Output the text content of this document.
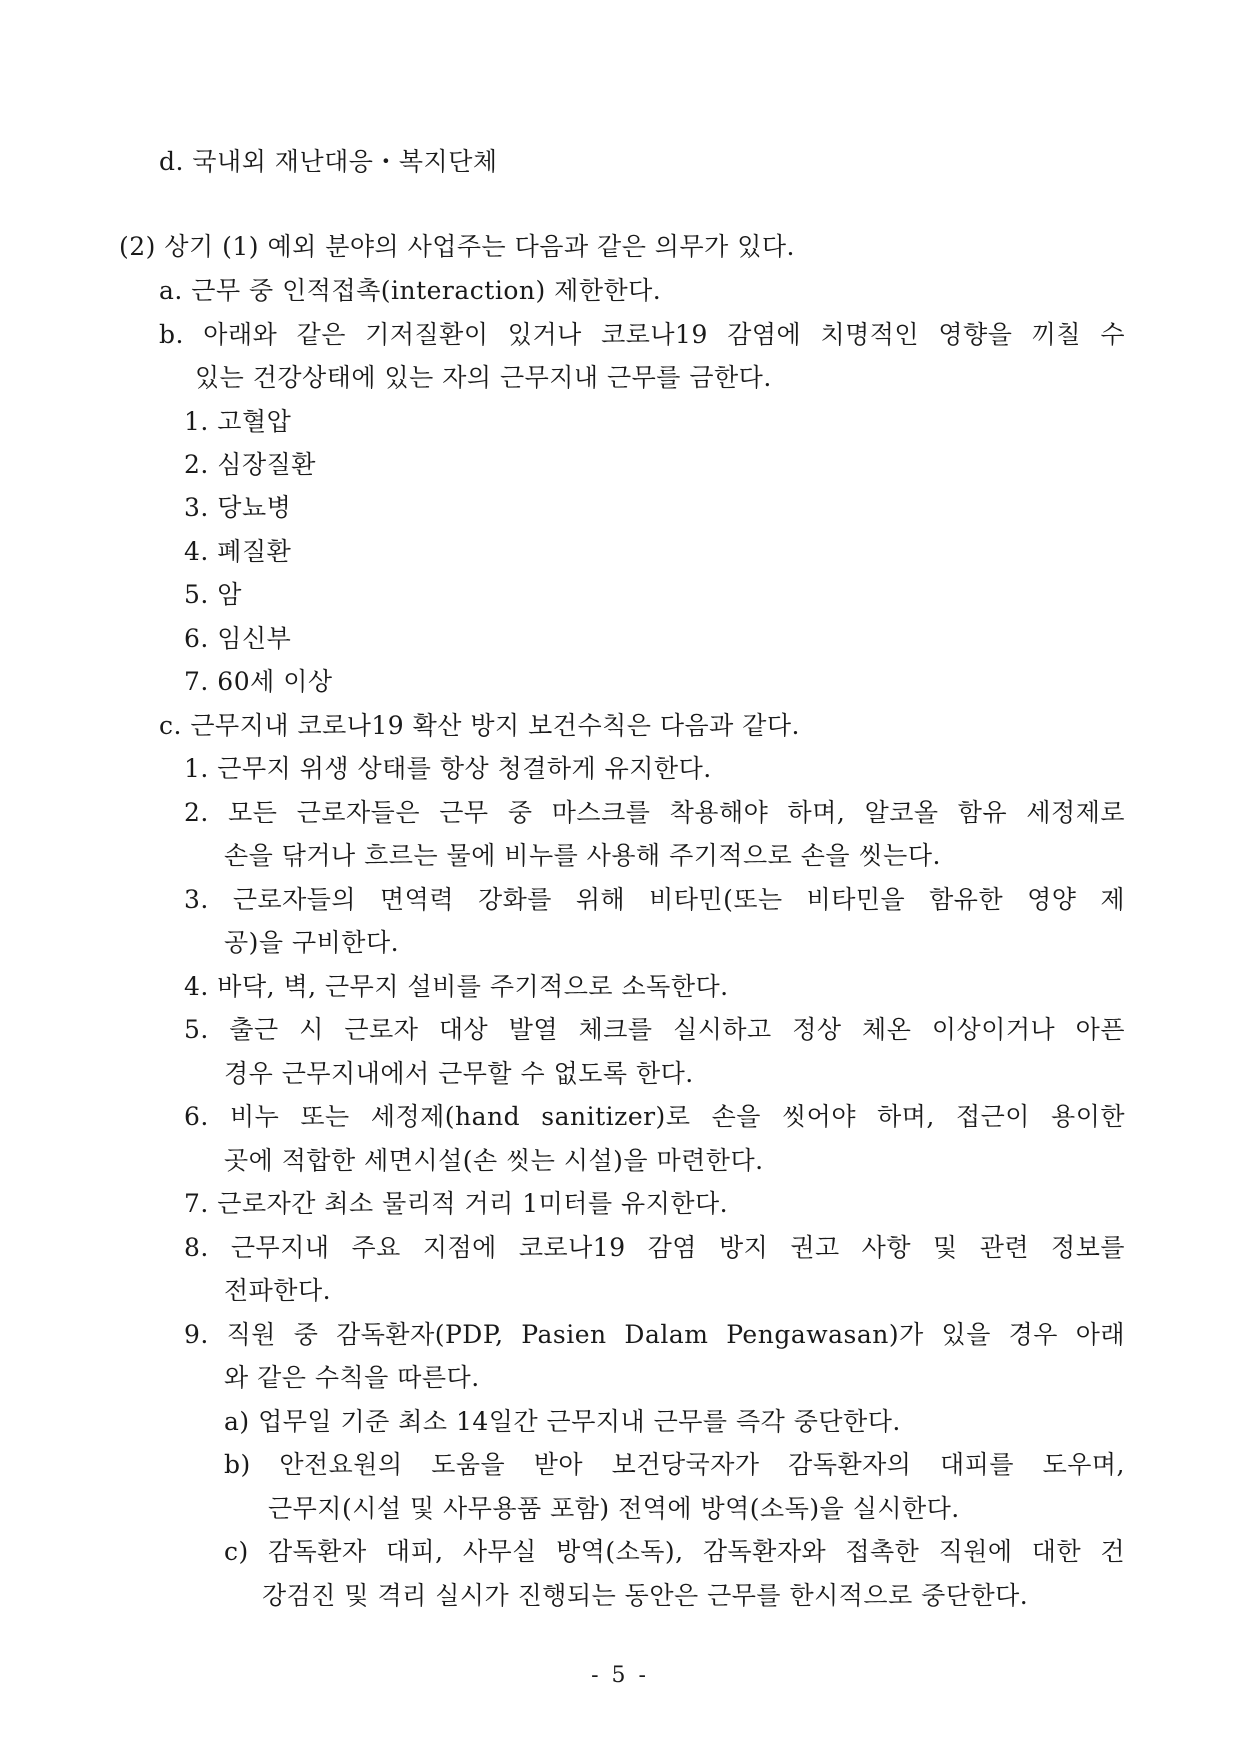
d. 국내외 재난대응・복지단체
(2) 상기 (1) 예외 분야의 사업주는 다음과 같은 의무가 있다.
a. 근무 중 인적접촉(interaction) 제한한다.
b. 아래와 같은 기저질환이 있거나 코로나19 감염에 치명적인 영향을 끼칠 수
있는 건강상태에 있는 자의 근무지내 근무를 금한다.
1. 고혈압
2. 심장질환
3. 당뇨병
4. 폐질환
5. 암
6. 임신부
7. 60세 이상
c. 근무지내 코로나19 확산 방지 보건수칙은 다음과 같다.
1. 근무지 위생 상태를 항상 청결하게 유지한다.
2. 모든 근로자들은 근무 중 마스크를 착용해야 하며, 알코올 함유 세정제로
손을 닦거나 흐르는 물에 비누를 사용해 주기적으로 손을 씻는다.
3. 근로자들의 면역력 강화를 위해 비타민(또는 비타민을 함유한 영양 제
공)을 구비한다.
4. 바닥, 벽, 근무지 설비를 주기적으로 소독한다.
5. 출근 시 근로자 대상 발열 체크를 실시하고 정상 체온 이상이거나 아픈
경우 근무지내에서 근무할 수 없도록 한다.
6. 비누 또는 세정제(hand sanitizer)로 손을 씻어야 하며, 접근이 용이한
곳에 적합한 세면시설(손 씻는 시설)을 마련한다.
7. 근로자간 최소 물리적 거리 1미터를 유지한다.
8. 근무지내 주요 지점에 코로나19 감염 방지 권고 사항 및 관련 정보를
전파한다.
9. 직원 중 감독환자(PDP, Pasien Dalam Pengawasan)가 있을 경우 아래
와 같은 수칙을 따른다.
a) 업무일 기준 최소 14일간 근무지내 근무를 즉각 중단한다.
b) 안전요원의 도움을 받아 보건당국자가 감독환자의 대피를 도우며,
근무지(시설 및 사무용품 포함) 전역에 방역(소독)을 실시한다.
c) 감독환자 대피, 사무실 방역(소독), 감독환자와 접촉한 직원에 대한 건
강검진 및 격리 실시가 진행되는 동안은 근무를 한시적으로 중단한다.
- 5 -
